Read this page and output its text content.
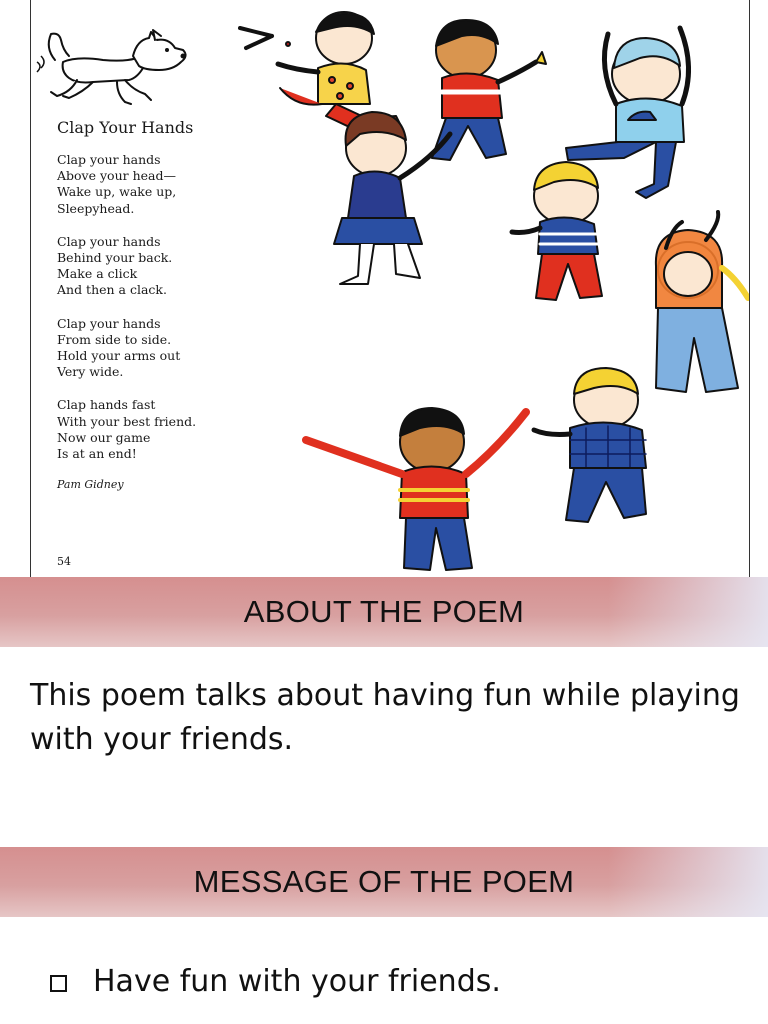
Clap Your Hands
Clap your hands
Above your head—
Wake up, wake up,
Sleepyhead.
Clap your hands
Behind your back.
Make a click
And then a clack.
Clap your hands
From side to side.
Hold your arms out
Very wide.
Clap hands fast
With your best friend.
Now our game
Is at an end!
Pam Gidney
54
ABOUT THE POEM
This poem talks about having fun while playing with your friends.
MESSAGE OF THE POEM
Have fun with your friends.
